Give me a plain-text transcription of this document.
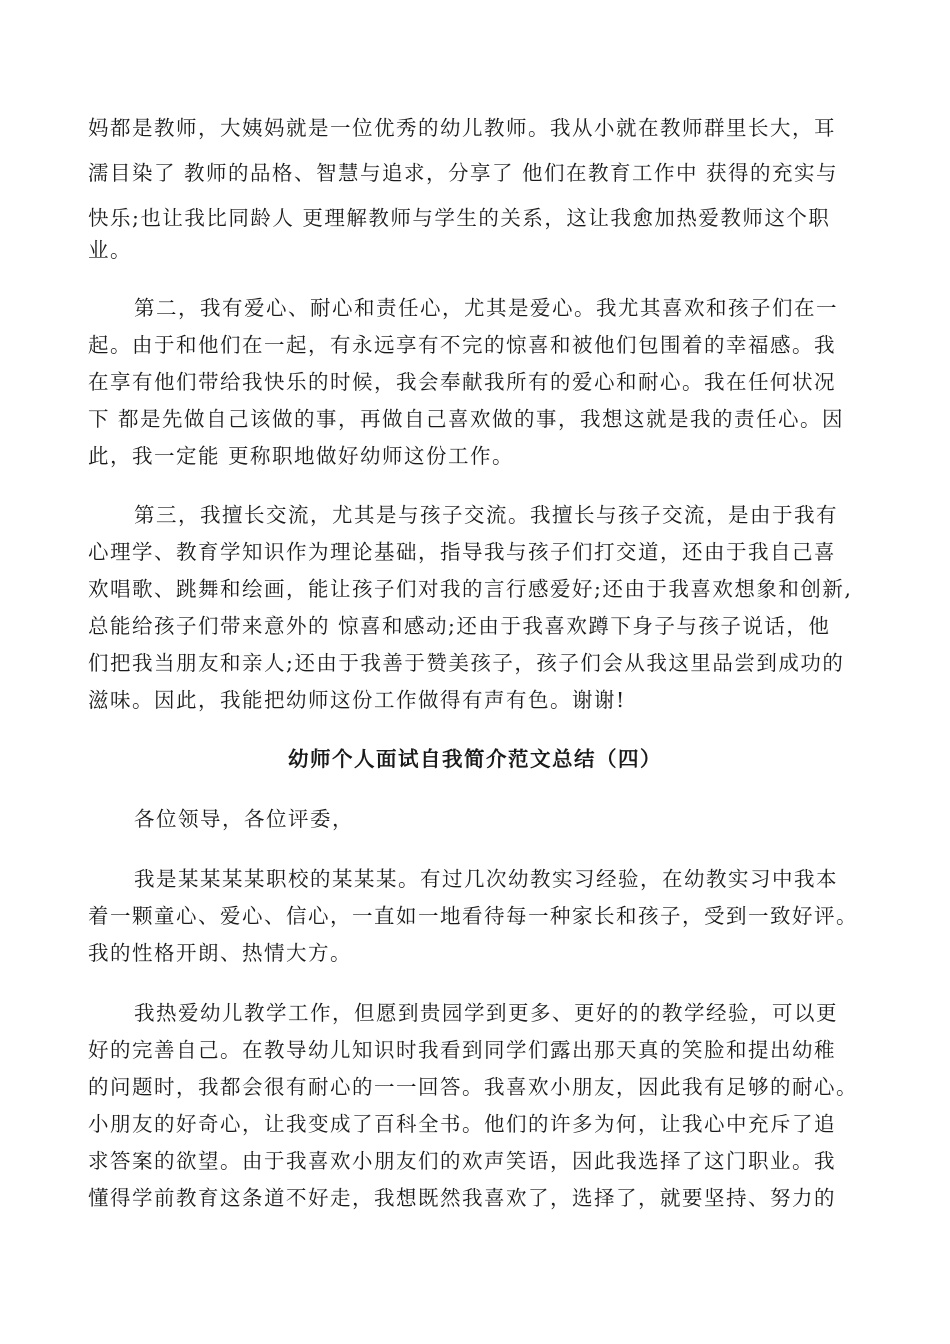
妈都是教师，大姨妈就是一位优秀的幼儿教师。我从小就在教师群里长大，耳
濡目染了 教师的品格、智慧与追求，分享了 他们在教育工作中 获得的充实与
快乐;也让我比同龄人 更理解教师与学生的关系，这让我愈加热爱教师这个职
业。
第二，我有爱心、耐心和责任心，尤其是爱心。我尤其喜欢和孩子们在一
起。由于和他们在一起，有永远享有不完的惊喜和被他们包围着的幸福感。我
在享有他们带给我快乐的时候，我会奉献我所有的爱心和耐心。我在任何状况
下 都是先做自己该做的事，再做自己喜欢做的事，我想这就是我的责任心。因
此，我一定能 更称职地做好幼师这份工作。
第三，我擅长交流，尤其是与孩子交流。我擅长与孩子交流，是由于我有
心理学、教育学知识作为理论基础，指导我与孩子们打交道，还由于我自己喜
欢唱歌、跳舞和绘画，能让孩子们对我的言行感爱好;还由于我喜欢想象和创新,
总能给孩子们带来意外的 惊喜和感动;还由于我喜欢蹲下身子与孩子说话，他
们把我当朋友和亲人;还由于我善于赞美孩子，孩子们会从我这里品尝到成功的
滋味。因此，我能把幼师这份工作做得有声有色。谢谢!
幼师个人面试自我简介范文总结（四）
各位领导，各位评委，
我是某某某某职校的某某某。有过几次幼教实习经验，在幼教实习中我本
着一颗童心、爱心、信心，一直如一地看待每一种家长和孩子，受到一致好评。
我的性格开朗、热情大方。
我热爱幼儿教学工作，但愿到贵园学到更多、更好的的教学经验，可以更
好的完善自己。在教导幼儿知识时我看到同学们露出那天真的笑脸和提出幼稚
的问题时，我都会很有耐心的一一回答。我喜欢小朋友，因此我有足够的耐心。
小朋友的好奇心，让我变成了百科全书。他们的许多为何，让我心中充斥了追
求答案的欲望。由于我喜欢小朋友们的欢声笑语，因此我选择了这门职业。我
懂得学前教育这条道不好走，我想既然我喜欢了，选择了，就要坚持、努力的
